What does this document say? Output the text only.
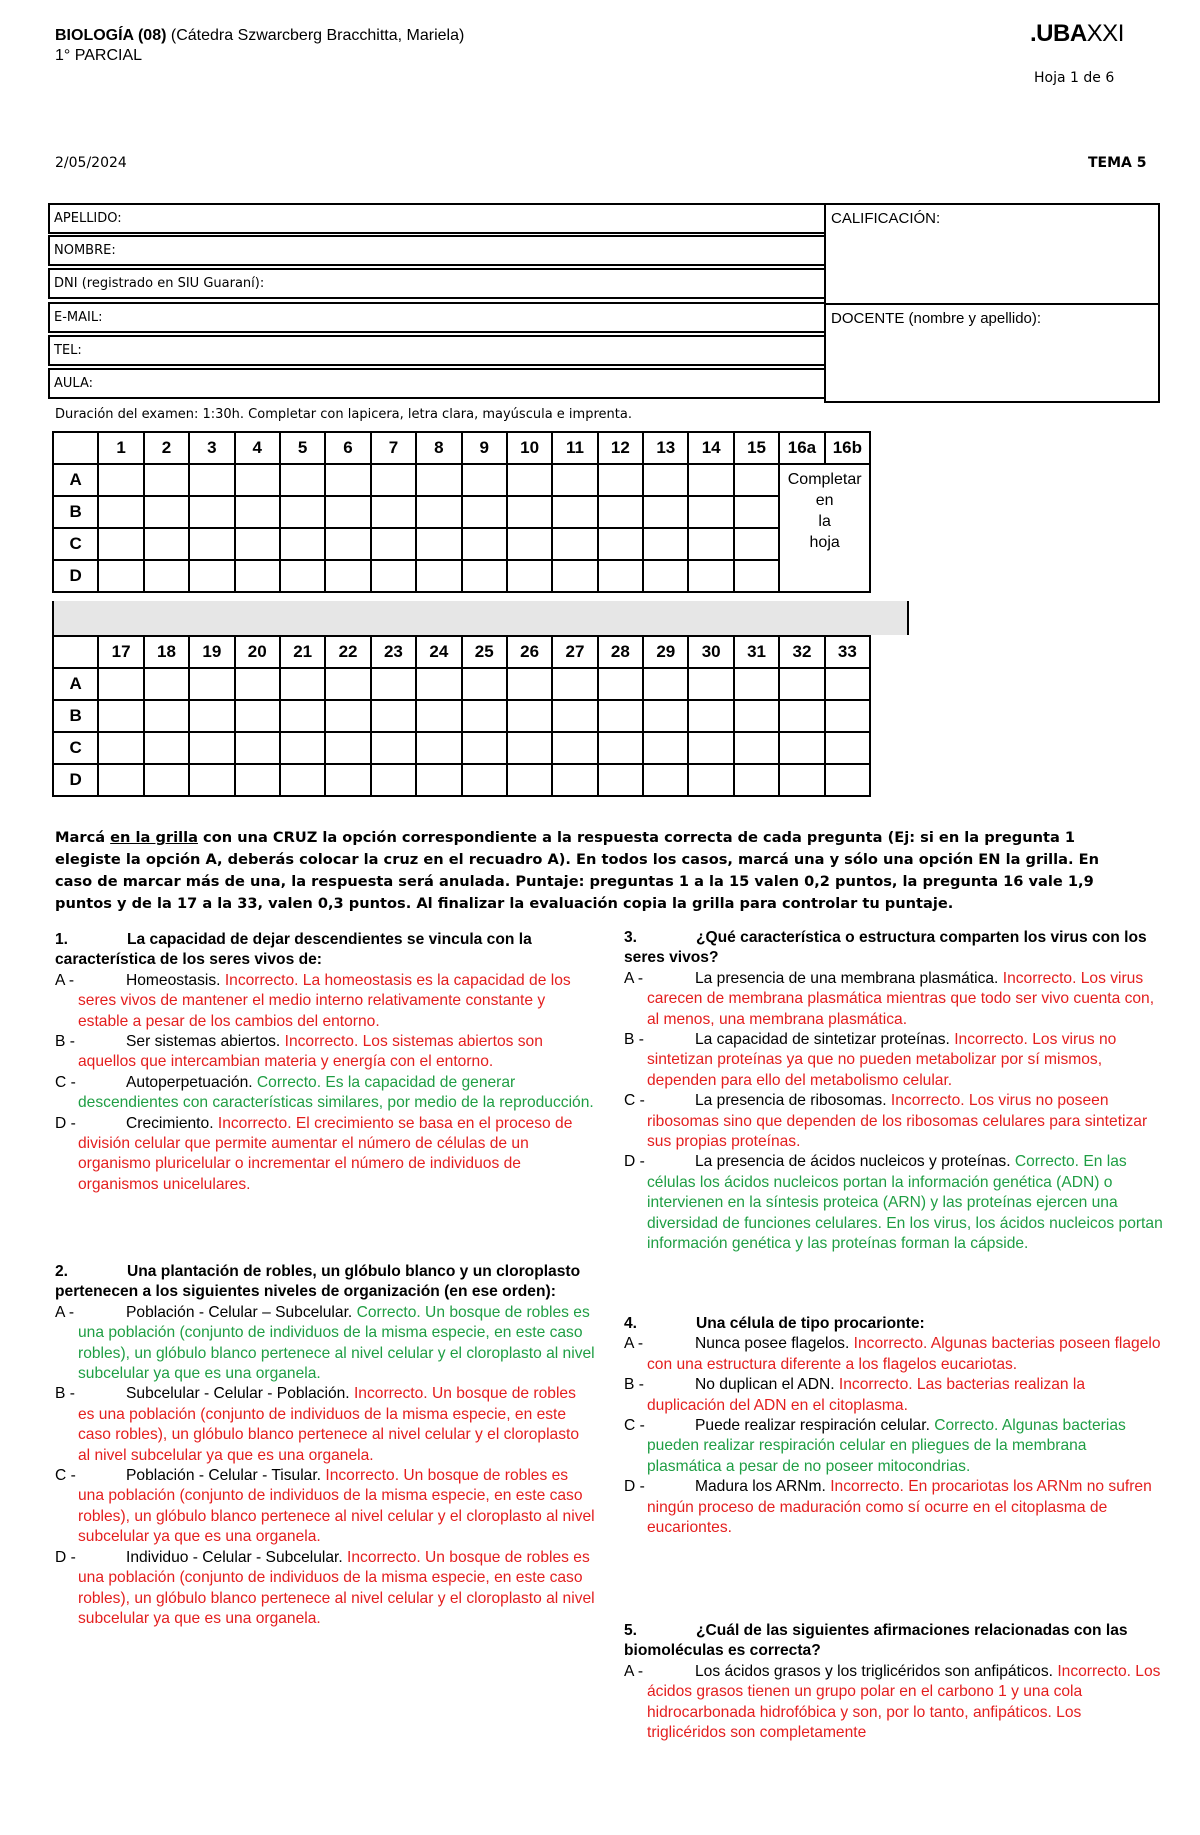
BIOLOGÍA (08) (Cátedra Szwarcberg Bracchitta, Mariela)
1° PARCIAL
.UBAXXI
Hoja 1 de 6
2/05/2024	TEMA 5
APELLIDO:
NOMBRE:
DNI (registrado en SIU Guaraní):
E-MAIL:
TEL:
AULA:
CALIFICACIÓN:
DOCENTE (nombre y apellido):
Duración del examen: 1:30h. Completar con lapicera, letra clara, mayúscula e imprenta.
	1	2	3	4	5	6	7	8	9	10	11	12	13	14	15	16a	16b
A																Completar
en
la
hoja	

B																	
C																	
D																	
	17	18	19	20	21	22	23	24	25	26	27	28	29	30	31	32	33
A																	
B																	
C																	
D																	
Marcá en la grilla con una CRUZ la opción correspondiente a la respuesta correcta de cada pregunta (Ej: si en la pregunta 1 elegiste la opción A, deberás colocar la cruz en el recuadro A). En todos los casos, marcá una y sólo una opción EN la grilla. En caso de marcar más de una, la respuesta será anulada. Puntaje: preguntas 1 a la 15 valen 0,2 puntos, la pregunta 16 vale 1,9 puntos y de la 17 a la 33, valen 0,3 puntos. Al finalizar la evaluación copia la grilla para controlar tu puntaje.
1.	La capacidad de dejar descendientes se vincula con la característica de los seres vivos de:
A -	Homeostasis. Incorrecto. La homeostasis es la capacidad de los seres vivos de mantener el medio interno relativamente constante y estable a pesar de los cambios del entorno.
B -	Ser sistemas abiertos. Incorrecto. Los sistemas abiertos son aquellos que intercambian materia y energía con el entorno.
C -	Autoperpetuación. Correcto. Es la capacidad de generar descendientes con características similares, por medio de la reproducción.
D -	Crecimiento. Incorrecto. El crecimiento se basa en el proceso de división celular que permite aumentar el número de células de un organismo pluricelular o incrementar el número de individuos de organismos unicelulares.
2.	Una plantación de robles, un glóbulo blanco y un cloroplasto pertenecen a los siguientes niveles de organización (en ese orden):
A -	Población - Celular – Subcelular. Correcto. Un bosque de robles es una población (conjunto de individuos de la misma especie, en este caso robles), un glóbulo blanco pertenece al nivel celular y el cloroplasto al nivel subcelular ya que es una organela.
B -	Subcelular - Celular - Población. Incorrecto. Un bosque de robles es una población (conjunto de individuos de la misma especie, en este caso robles), un glóbulo blanco pertenece al nivel celular y el cloroplasto al nivel subcelular ya que es una organela.
C -	Población - Celular - Tisular. Incorrecto. Un bosque de robles es una población (conjunto de individuos de la misma especie, en este caso robles), un glóbulo blanco pertenece al nivel celular y el cloroplasto al nivel subcelular ya que es una organela.
D -	Individuo - Celular - Subcelular. Incorrecto. Un bosque de robles es una población (conjunto de individuos de la misma especie, en este caso robles), un glóbulo blanco pertenece al nivel celular y el cloroplasto al nivel subcelular ya que es una organela.
3.	¿Qué característica o estructura comparten los virus con los seres vivos?
A -	La presencia de una membrana plasmática. Incorrecto. Los virus carecen de membrana plasmática mientras que todo ser vivo cuenta con, al menos, una membrana plasmática.
B -	La capacidad de sintetizar proteínas. Incorrecto. Los virus no sintetizan proteínas ya que no pueden metabolizar por sí mismos, dependen para ello del metabolismo celular.
C -	La presencia de ribosomas. Incorrecto. Los virus no poseen ribosomas sino que dependen de los ribosomas celulares para sintetizar sus propias proteínas.
D -	La presencia de ácidos nucleicos y proteínas. Correcto. En las células los ácidos nucleicos portan la información genética (ADN) o intervienen en la síntesis proteica (ARN) y las proteínas ejercen una diversidad de funciones celulares. En los virus, los ácidos nucleicos portan información genética y las proteínas forman la cápside.
4.	Una célula de tipo procarionte:
A -	Nunca posee flagelos. Incorrecto. Algunas bacterias poseen flagelo con una estructura diferente a los flagelos eucariotas.
B -	No duplican el ADN. Incorrecto. Las bacterias realizan la duplicación del ADN en el citoplasma.
C -	Puede realizar respiración celular. Correcto. Algunas bacterias pueden realizar respiración celular en pliegues de la membrana plasmática a pesar de no poseer mitocondrias.
D -	Madura los ARNm. Incorrecto. En procariotas los ARNm no sufren ningún proceso de maduración como sí ocurre en el citoplasma de eucariontes.
5.	¿Cuál de las siguientes afirmaciones relacionadas con las biomoléculas es correcta?
A -	Los ácidos grasos y los triglicéridos son anfipáticos. Incorrecto. Los ácidos grasos tienen un grupo polar en el carbono 1 y una cola hidrocarbonada hidrofóbica y son, por lo tanto, anfipáticos. Los triglicéridos son completamente
